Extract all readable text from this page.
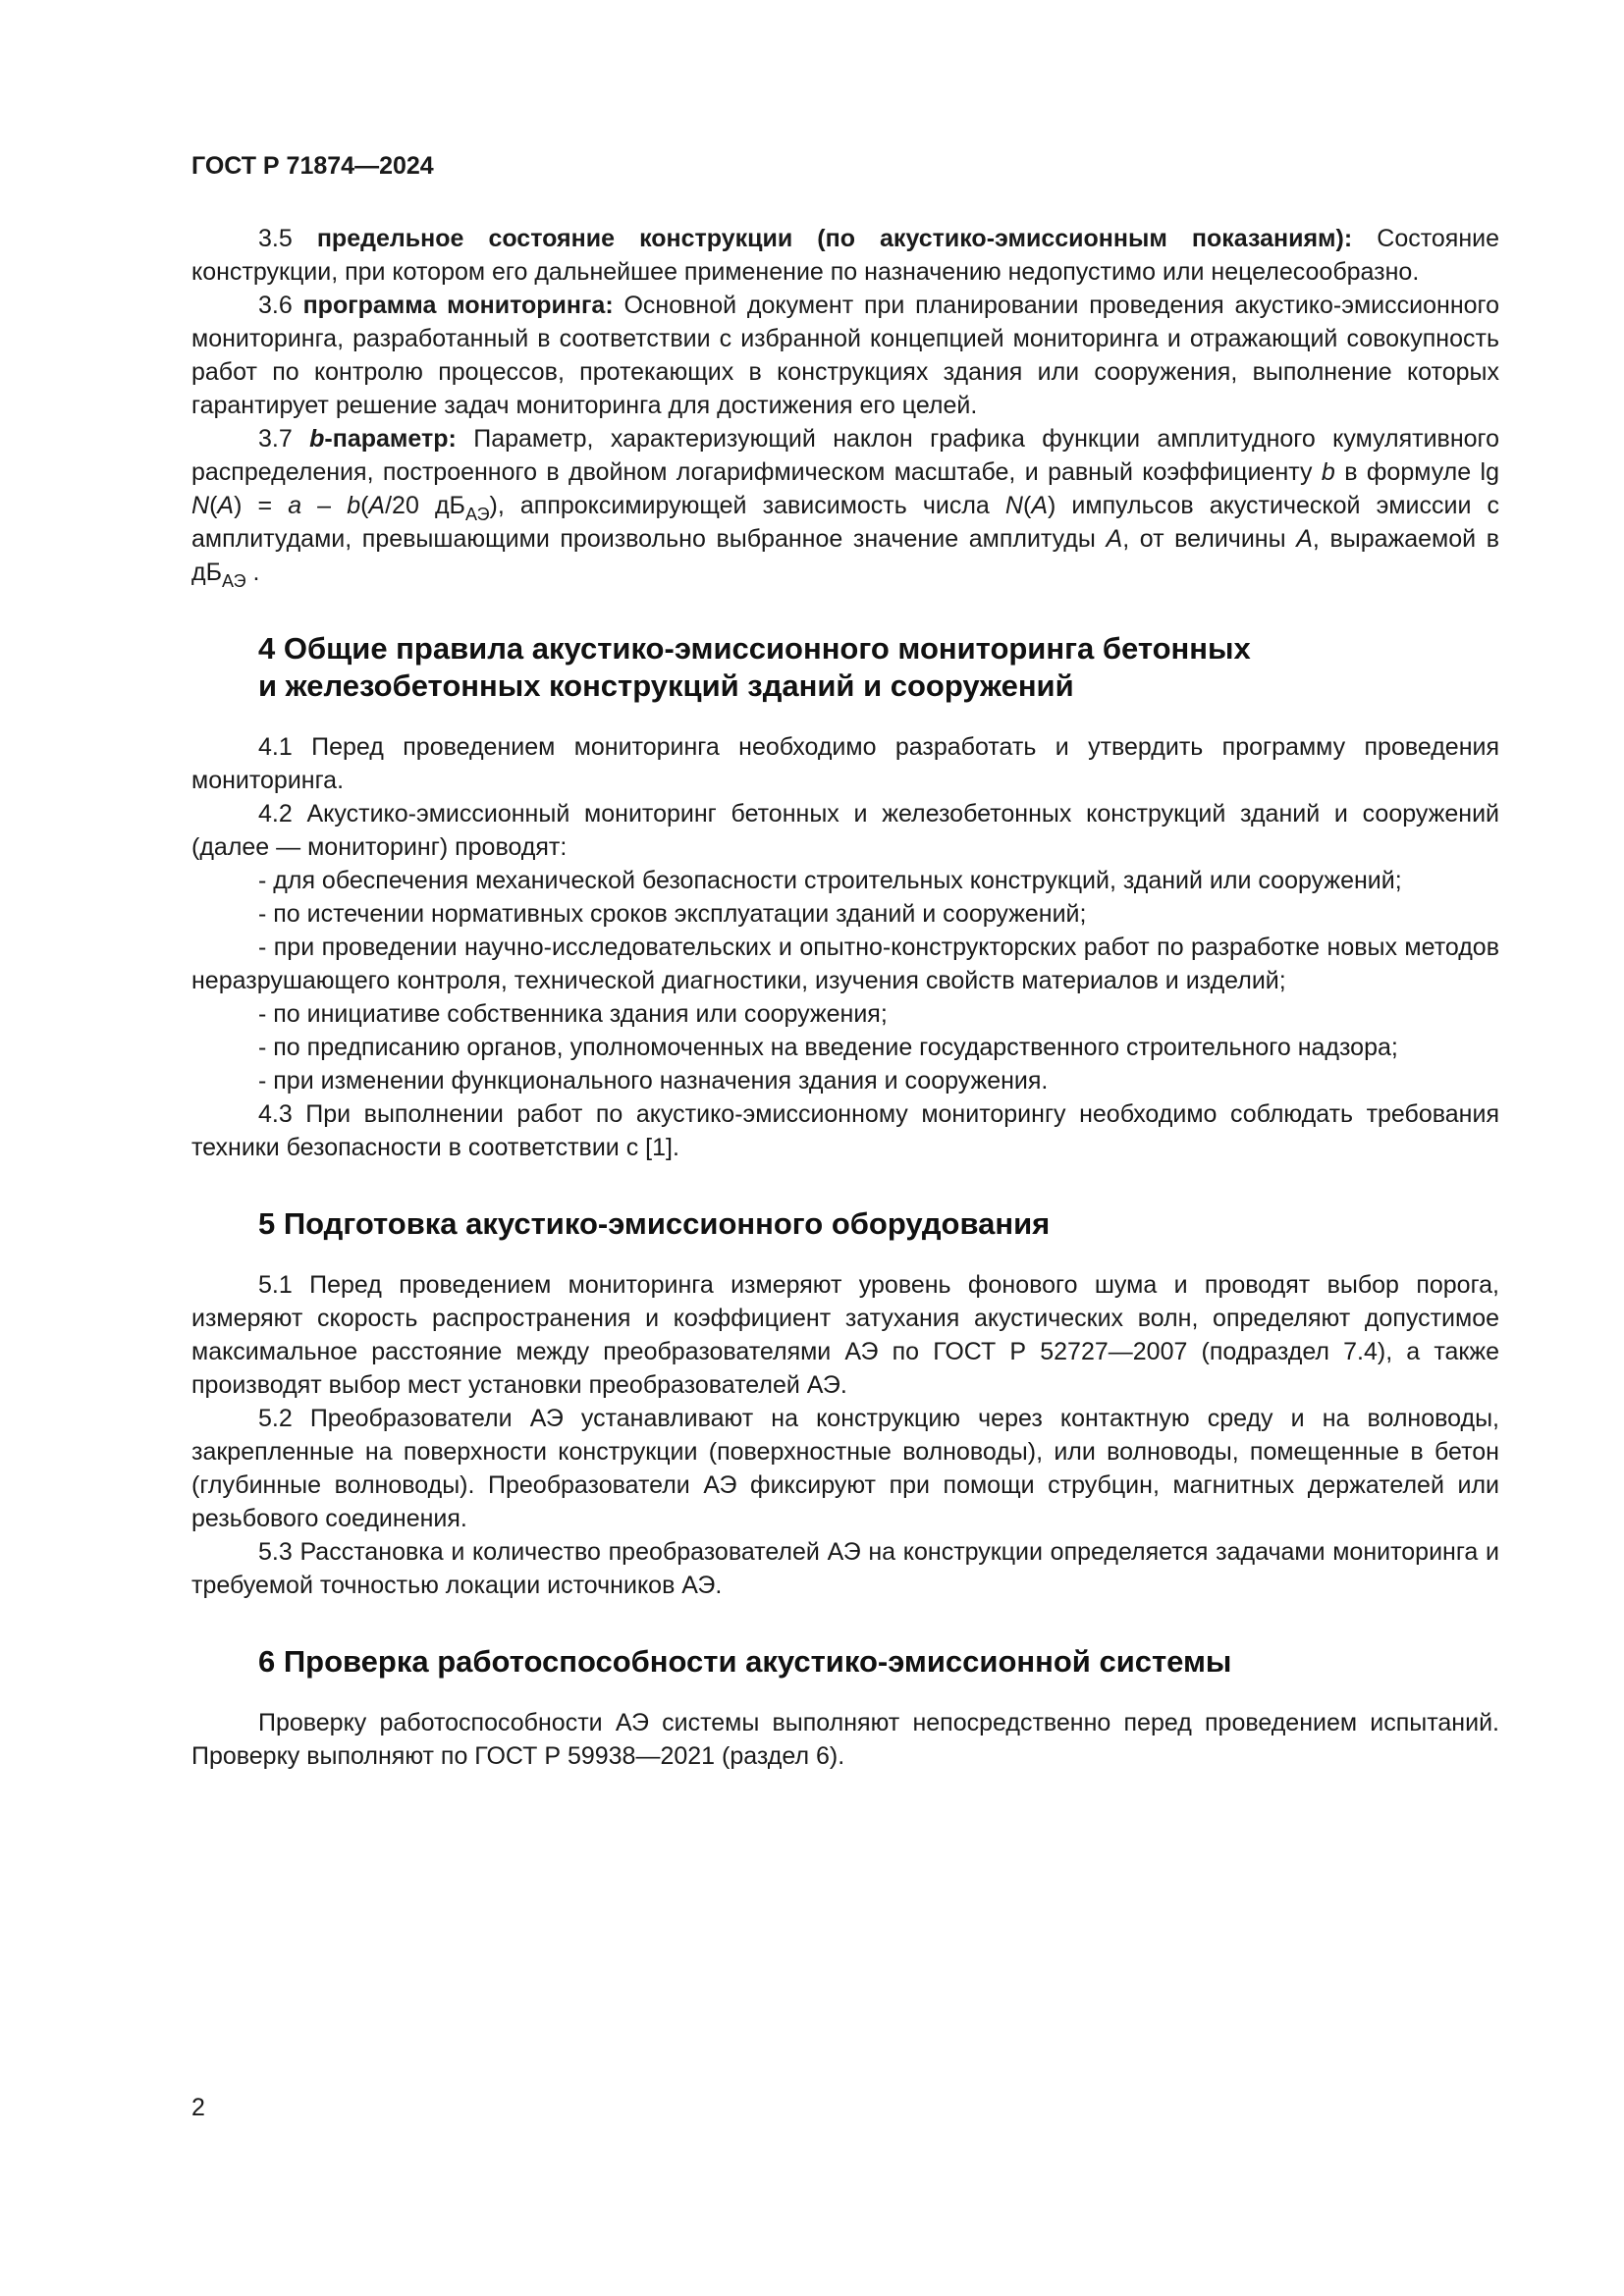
ГОСТ Р 71874—2024

3.5 предельное состояние конструкции (по акустико-эмиссионным показаниям): Состояние конструкции, при котором его дальнейшее применение по назначению недопустимо или нецелесообразно.

3.6 программа мониторинга: Основной документ при планировании проведения акустико-эмиссионного мониторинга, разработанный в соответствии с избранной концепцией мониторинга и отражающий совокупность работ по контролю процессов, протекающих в конструкциях здания или сооружения, выполнение которых гарантирует решение задач мониторинга для достижения его целей.

3.7 b-параметр: Параметр, характеризующий наклон графика функции амплитудного кумулятивного распределения, построенного в двойном логарифмическом масштабе, и равный коэффициенту b в формуле lg N(A) = a – b(A/20 $дБ_{АЭ}$), аппроксимирующей зависимость числа N(A) импульсов акустической эмиссии с амплитудами, превышающими произвольно выбранное значение амплитуды A, от величины A, выражаемой в $дБ_{АЭ}$ .

4 Общие правила акустико-эмиссионного мониторинга бетонных
и железобетонных конструкций зданий и сооружений

4.1 Перед проведением мониторинга необходимо разработать и утвердить программу проведения мониторинга.

4.2 Акустико-эмиссионный мониторинг бетонных и железобетонных конструкций зданий и сооружений (далее — мониторинг) проводят:

- для обеспечения механической безопасности строительных конструкций, зданий или сооружений;

- по истечении нормативных сроков эксплуатации зданий и сооружений;

- при проведении научно-исследовательских и опытно-конструкторских работ по разработке новых методов неразрушающего контроля, технической диагностики, изучения свойств материалов и изделий;

- по инициативе собственника здания или сооружения;

- по предписанию органов, уполномоченных на введение государственного строительного надзора;

- при изменении функционального назначения здания и сооружения.

4.3 При выполнении работ по акустико-эмиссионному мониторингу необходимо соблюдать требования техники безопасности в соответствии с [1].

5 Подготовка акустико-эмиссионного оборудования

5.1 Перед проведением мониторинга измеряют уровень фонового шума и проводят выбор порога, измеряют скорость распространения и коэффициент затухания акустических волн, определяют допустимое максимальное расстояние между преобразователями АЭ по ГОСТ Р 52727—2007 (подраздел 7.4), а также производят выбор мест установки преобразователей АЭ.

5.2 Преобразователи АЭ устанавливают на конструкцию через контактную среду и на волноводы, закрепленные на поверхности конструкции (поверхностные волноводы), или волноводы, помещенные в бетон (глубинные волноводы). Преобразователи АЭ фиксируют при помощи струбцин, магнитных держателей или резьбового соединения.

5.3 Расстановка и количество преобразователей АЭ на конструкции определяется задачами мониторинга и требуемой точностью локации источников АЭ.

6 Проверка работоспособности акустико-эмиссионной системы

Проверку работоспособности АЭ системы выполняют непосредственно перед проведением испытаний. Проверку выполняют по ГОСТ Р 59938—2021 (раздел 6).

2
